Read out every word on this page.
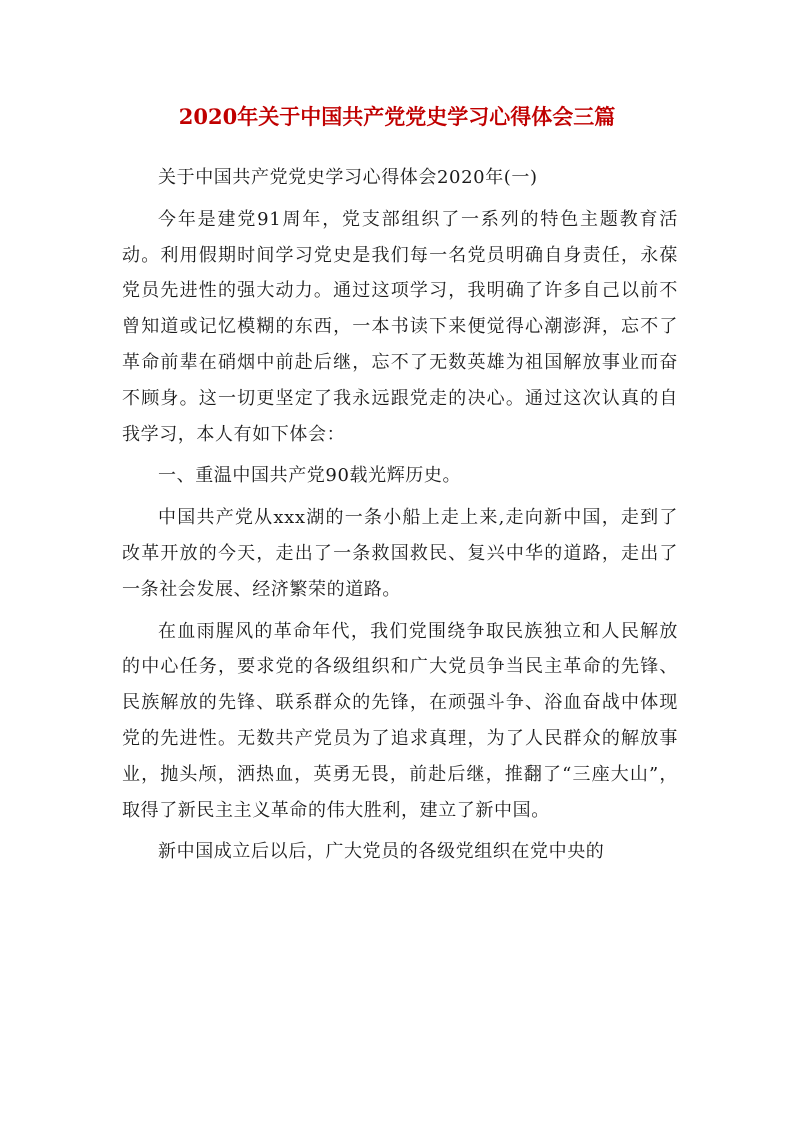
2020年关于中国共产党党史学习心得体会三篇

关于中国共产党党史学习心得体会2020年(一)

今年是建党91周年，党支部组织了一系列的特色主题教育活动。利用假期时间学习党史是我们每一名党员明确自身责任，永葆党员先进性的强大动力。通过这项学习，我明确了许多自己以前不曾知道或记忆模糊的东西，一本书读下来便觉得心潮澎湃，忘不了革命前辈在硝烟中前赴后继，忘不了无数英雄为祖国解放事业而奋不顾身。这一切更坚定了我永远跟党走的决心。通过这次认真的自我学习，本人有如下体会：

一、重温中国共产党90载光辉历史。

中国共产党从xxx湖的一条小船上走上来,走向新中国，走到了改革开放的今天，走出了一条救国救民、复兴中华的道路，走出了一条社会发展、经济繁荣的道路。

在血雨腥风的革命年代，我们党围绕争取民族独立和人民解放的中心任务，要求党的各级组织和广大党员争当民主革命的先锋、民族解放的先锋、联系群众的先锋，在顽强斗争、浴血奋战中体现党的先进性。无数共产党员为了追求真理，为了人民群众的解放事业，抛头颅，洒热血，英勇无畏，前赴后继，推翻了“三座大山”，取得了新民主主义革命的伟大胜利，建立了新中国。

新中国成立后以后，广大党员的各级党组织在党中央的
